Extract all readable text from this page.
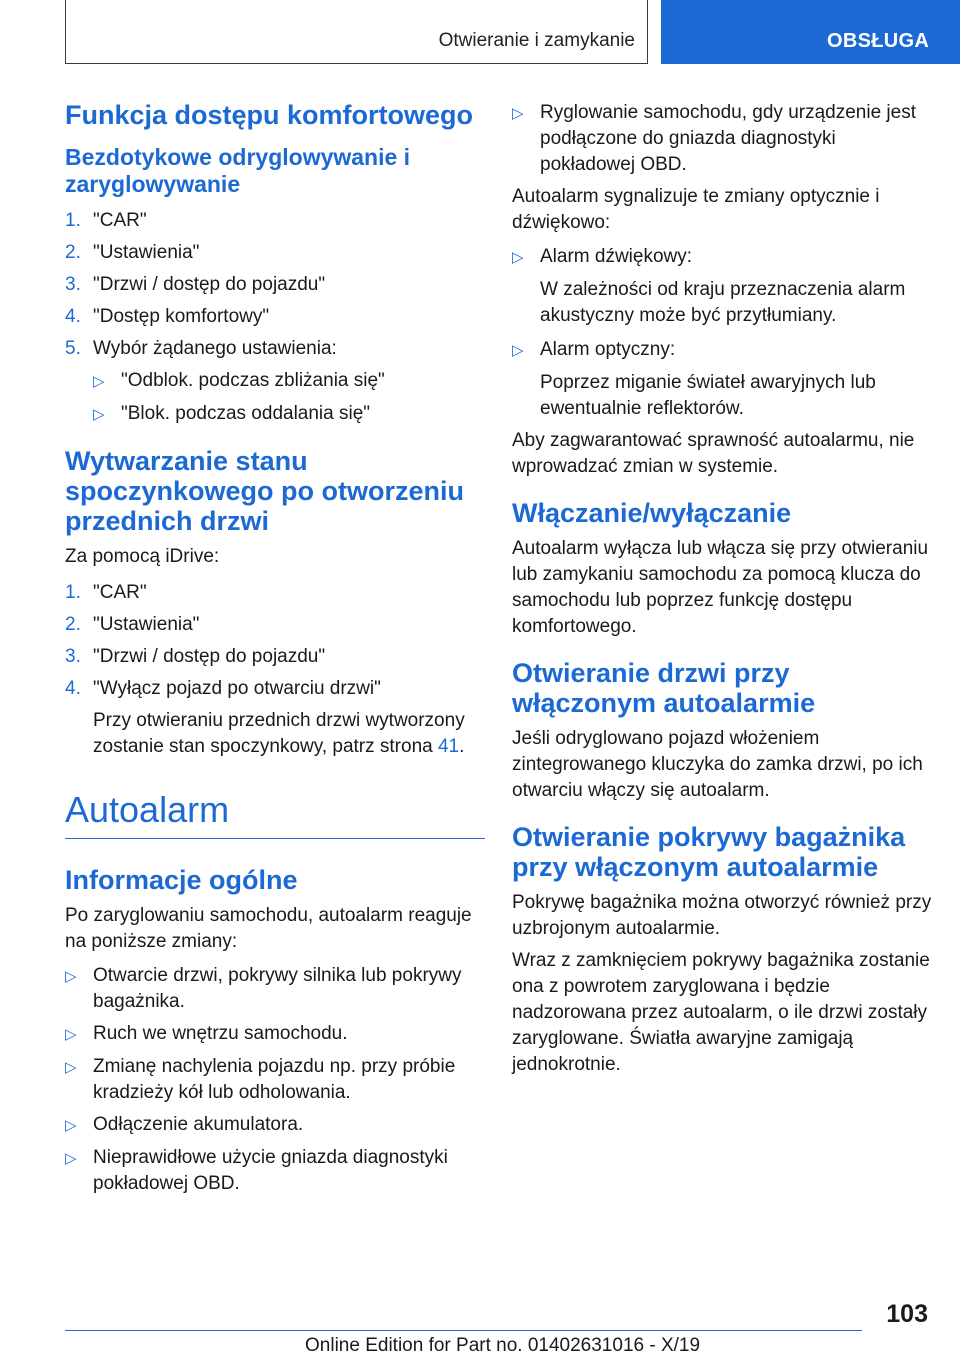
Otwieranie i zamykanie	OBSŁUGA
Funkcja dostępu komfortowego
Bezdotykowe odryglowywanie i zaryglowywanie
1. "CAR"
2. "Ustawienia"
3. "Drzwi / dostęp do pojazdu"
4. "Dostęp komfortowy"
5. Wybór żądanego ustawienia:
▷ "Odblok. podczas zbliżania się"
▷ "Blok. podczas oddalania się"
Wytwarzanie stanu spoczynkowego po otworzeniu przednich drzwi
Za pomocą iDrive:
1. "CAR"
2. "Ustawienia"
3. "Drzwi / dostęp do pojazdu"
4. "Wyłącz pojazd po otwarciu drzwi"
Przy otwieraniu przednich drzwi wytworzony zostanie stan spoczynkowy, patrz strona 41.
Autoalarm
Informacje ogólne
Po zaryglowaniu samochodu, autoalarm reaguje na poniższe zmiany:
▷ Otwarcie drzwi, pokrywy silnika lub pokrywy bagażnika.
▷ Ruch we wnętrzu samochodu.
▷ Zmianę nachylenia pojazdu np. przy próbie kradzieży kół lub odholowania.
▷ Odłączenie akumulatora.
▷ Nieprawidłowe użycie gniazda diagnostyki pokładowej OBD.
▷ Ryglowanie samochodu, gdy urządzenie jest podłączone do gniazda diagnostyki pokładowej OBD.
Autoalarm sygnalizuje te zmiany optycznie i dźwiękowo:
▷ Alarm dźwiękowy:
W zależności od kraju przeznaczenia alarm akustyczny może być przytłumiany.
▷ Alarm optyczny:
Poprzez miganie świateł awaryjnych lub ewentualnie reflektorów.
Aby zagwarantować sprawność autoalarmu, nie wprowadzać zmian w systemie.
Włączanie/wyłączanie
Autoalarm wyłącza lub włącza się przy otwieraniu lub zamykaniu samochodu za pomocą klucza do samochodu lub poprzez funkcję dostępu komfortowego.
Otwieranie drzwi przy włączonym autoalarmie
Jeśli odryglowano pojazd włożeniem zintegrowanego kluczyka do zamka drzwi, po ich otwarciu włączy się autoalarm.
Otwieranie pokrywy bagażnika przy włączonym autoalarmie
Pokrywę bagażnika można otworzyć również przy uzbrojonym autoalarmie.
Wraz z zamknięciem pokrywy bagażnika zostanie ona z powrotem zaryglowana i będzie nadzorowana przez autoalarm, o ile drzwi zostały zaryglowane. Światła awaryjne zamigają jednokrotnie.
103
Online Edition for Part no. 01402631016 - X/19
